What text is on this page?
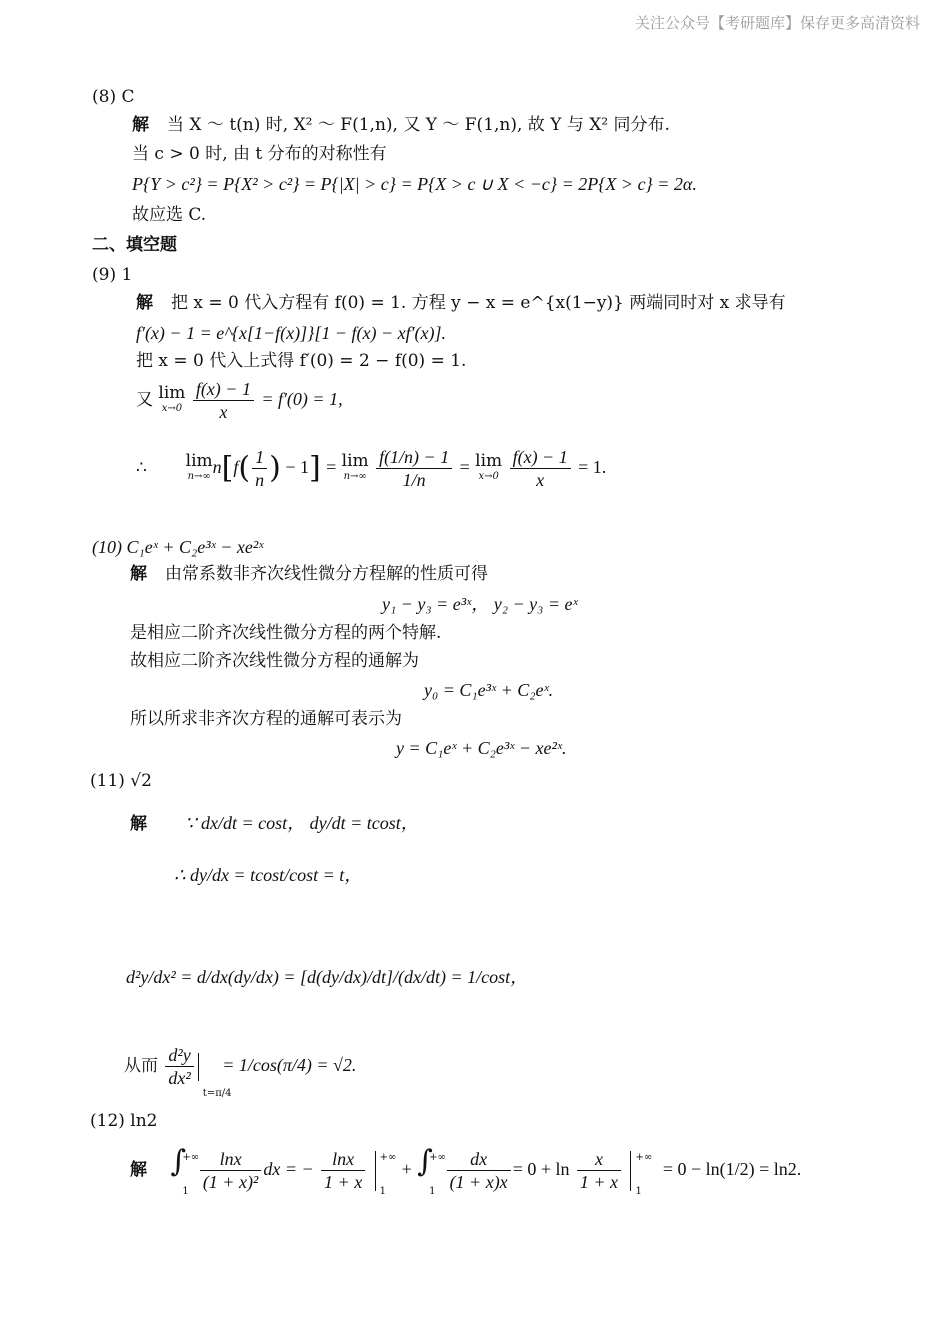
关注公众号【考研题库】保存更多高清资料
(8) C
解 当 X ～ t(n) 时, X² ～ F(1,n), 又 Y ～ F(1,n), 故 Y 与 X² 同分布.
当 c > 0 时, 由 t 分布的对称性有
P{Y > c²} = P{X² > c²} = P{|X| > c} = P{X > c ∪ X < −c} = 2P{X > c} = 2α.
故应选 C.
二、填空题
(9) 1
解 把 x = 0 代入方程有 f(0) = 1. 方程 y − x = e^{x(1−y)} 两端同时对 x 求导有
f′(x) − 1 = e^{x[1−f(x)]}[1 − f(x) − xf′(x)].
把 x = 0 代入上式得 f′(0) = 2 − f(0) = 1.
又 lim
x→0
$\frac{f(x) - 1}{x} = f'(0) = 1$,
∴ lim
n→∞ $n[f( \frac{1}{n}$ ) − 1] = lim
n→∞
$\frac{f(1/n) - 1}{1/n} = \lim$
x→0
$\frac{f(x) - 1}{x} = 1$.
(10) C₁eˣ + C₂e³ˣ − xe²ˣ
解 由常系数非齐次线性微分方程解的性质可得
y₁ − y₃ = e³ˣ， y₂ − y₃ = eˣ
是相应二阶齐次线性微分方程的两个特解.
故相应二阶齐次线性微分方程的通解为
y₀ = C₁e³ˣ + C₂eˣ.
所以所求非齐次方程的通解可表示为
y = C₁eˣ + C₂e³ˣ − xe²ˣ.
(11) √2
解 ∵ dx/dt = cost， dy/dt = tcost，
∴ dy/dx = tcost/cost = t，
d²y/dx² = d/dx(dy/dx) = [d(dy/dx)/dt]/(dx/dt) = 1/cost，
从而 $\frac{\text{d²y}}{\text{dx²}}$
t=π/4
= 1/cos(π/4) = √2.
(12) ln2
解 ∫
+∞
1
$\frac{\ln x}{\text{(1 + x)²}}$ dx = − $\frac{\ln x}{1 + x}$
+∞
1
+ ∫
+∞
1
$\frac{dx}{(1 + x)x} = 0 + \ln \frac{x}{1 + x}$
+∞
1
= 0 − ln(1/2) = ln2.
